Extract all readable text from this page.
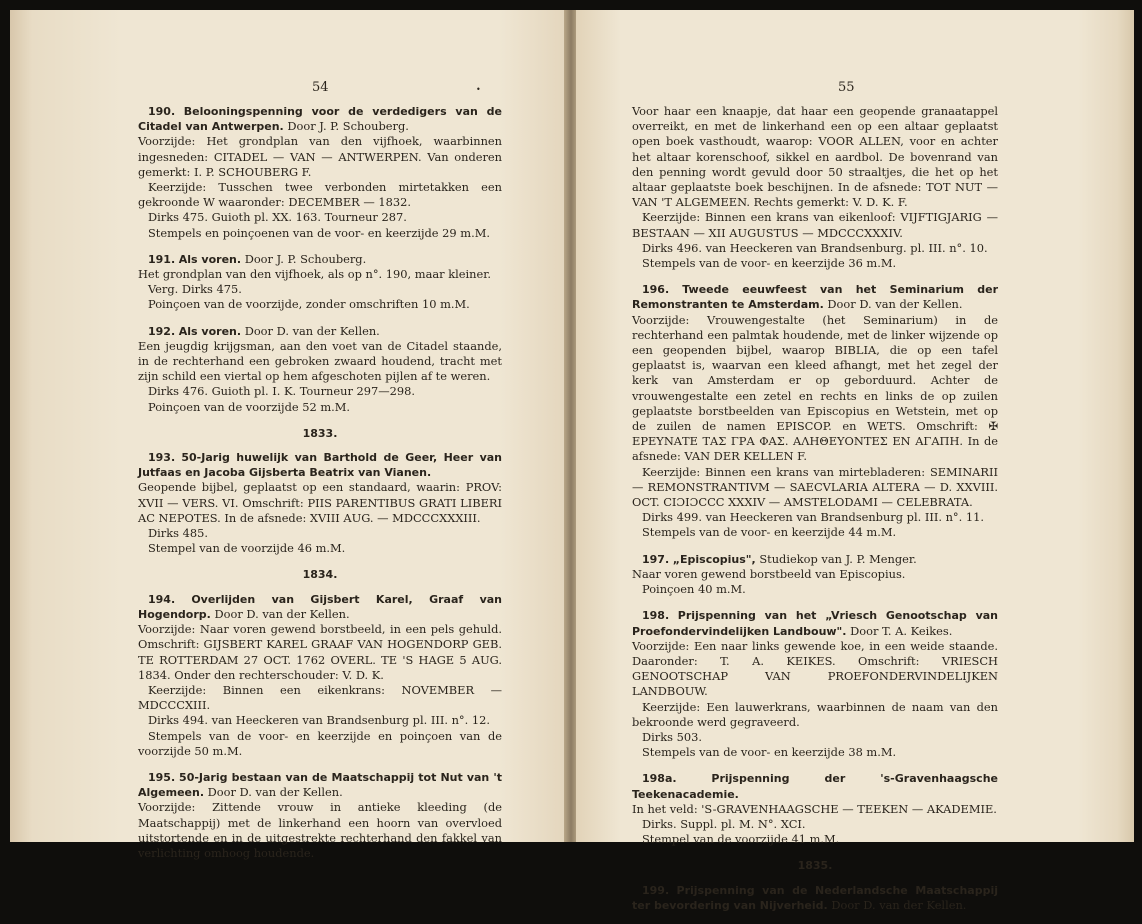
54	•

190. Belooningspenning voor de verdedigers van de Citadel van Antwerpen. Door J. P. Schouberg.
Voorzijde: Het grondplan van den vijfhoek, waarbinnen ingesneden: CITADEL — VAN — ANTWERPEN. Van onderen gemerkt: I. P. SCHOUBERG F.

Keerzijde: Tusschen twee verbonden mirtetakken een gekroonde W waaronder: DECEMBER — 1832.

Dirks 475. Guioth pl. XX. 163. Tourneur 287.

Stempels en poinçoenen van de voor- en keerzijde 29 m.M.

191. Als voren. Door J. P. Schouberg.
Het grondplan van den vijfhoek, als op n°. 190, maar kleiner.

Verg. Dirks 475.

Poinçoen van de voorzijde, zonder omschriften 10 m.M.

192. Als voren. Door D. van der Kellen.
Een jeugdig krijgsman, aan den voet van de Citadel staande, in de rechterhand een gebroken zwaard houdend, tracht met zijn schild een viertal op hem afgeschoten pijlen af te weren.

Dirks 476. Guioth pl. I. K. Tourneur 297—298.

Poinçoen van de voorzijde 52 m.M.

1833.

193. 50-Jarig huwelijk van Barthold de Geer, Heer van Jutfaas en Jacoba Gijsberta Beatrix van Vianen.
Geopende bijbel, geplaatst op een standaard, waarin: PROV: XVII — VERS. VI. Omschrift: PIIS PARENTIBUS GRATI LIBERI AC NEPOTES. In de afsnede: XVIII AUG. — MDCCCXXXIII.

Dirks 485.

Stempel van de voorzijde 46 m.M.

1834.

194. Overlijden van Gijsbert Karel, Graaf van Hogendorp. Door D. van der Kellen.
Voorzijde: Naar voren gewend borstbeeld, in een pels gehuld. Omschrift: GIJSBERT KAREL GRAAF VAN HOGENDORP GEB. TE ROTTERDAM 27 OCT. 1762 OVERL. TE 'S HAGE 5 AUG. 1834. Onder den rechterschouder: V. D. K.

Keerzijde: Binnen een eikenkrans: NOVEMBER — MDCCCXIII.

Dirks 494. van Heeckeren van Brandsenburg pl. III. n°. 12.

Stempels van de voor- en keerzijde en poinçoen van de voorzijde 50 m.M.

195. 50-Jarig bestaan van de Maatschappij tot Nut van 't Algemeen. Door D. van der Kellen.
Voorzijde: Zittende vrouw in antieke kleeding (de Maatschappij) met de linkerhand een hoorn van overvloed uitstortende en in de uitgestrekte rechterhand den fakkel van verlichting omhoog houdende.

55

Voor haar een knaapje, dat haar een geopende granaatappel overreikt, en met de linkerhand een op een altaar geplaatst open boek vasthoudt, waarop: VOOR ALLEN, voor en achter het altaar korenschoof, sikkel en aardbol. De bovenrand van den penning wordt gevuld door 50 straaltjes, die het op het altaar geplaatste boek beschijnen. In de afsnede: TOT NUT — VAN 'T ALGEMEEN. Rechts gemerkt: V. D. K. F.

Keerzijde: Binnen een krans van eikenloof: VIJFTIGJARIG — BESTAAN — XII AUGUSTUS — MDCCCXXXIV.

Dirks 496. van Heeckeren van Brandsenburg. pl. III. n°. 10.

Stempels van de voor- en keerzijde 36 m.M.

196. Tweede eeuwfeest van het Seminarium der Remonstranten te Amsterdam. Door D. van der Kellen.
Voorzijde: Vrouwengestalte (het Seminarium) in de rechterhand een palmtak houdende, met de linker wijzende op een geopenden bijbel, waarop BIBLIA, die op een tafel geplaatst is, waarvan een kleed afhangt, met het zegel der kerk van Amsterdam er op geborduurd. Achter de vrouwengestalte een zetel en rechts en links de op zuilen geplaatste borstbeelden van Episcopius en Wetstein, met op de zuilen de namen EPISCOP. en WETS. Omschrift: ✠ ΕΡΕΥΝΑΤΕ ΤΑΣ ΓΡΑ ΦΑΣ. ΑΛΗΘΕΥΟΝΤΕΣ ΕΝ ΑΓΑΠΗ. In de afsnede: VAN DER KELLEN F.

Keerzijde: Binnen een krans van mirtebladeren: SEMINARII — REMONSTRANTIVM — SAECVLARIA ALTERA — D. XXVIII. OCT. CIƆIƆCCC XXXIV — AMSTELODAMI — CELEBRATA.

Dirks 499. van Heeckeren van Brandsenburg pl. III. n°. 11.

Stempels van de voor- en keerzijde 44 m.M.

197. „Episcopius", Studiekop van J. P. Menger.
Naar voren gewend borstbeeld van Episcopius.

Poinçoen 40 m.M.

198. Prijspenning van het „Vriesch Genootschap van Proefondervindelijken Landbouw". Door T. A. Keikes.
Voorzijde: Een naar links gewende koe, in een weide staande. Daaronder: T. A. KEIKES. Omschrift: VRIESCH GENOOTSCHAP VAN PROEFONDERVINDELIJKEN LANDBOUW.

Keerzijde: Een lauwerkrans, waarbinnen de naam van den bekroonde werd gegraveerd.

Dirks 503.

Stempels van de voor- en keerzijde 38 m.M.

198a.	Prijspenning der 's-Gravenhaagsche Teekenacademie.
In het veld: 'S-GRAVENHAAGSCHE — TEEKEN — AKADEMIE.

Dirks. Suppl. pl. M. N°. XCI.

Stempel van de voorzijde 41 m.M.

1835.

199. Prijspenning van de Nederlandsche Maatschappij ter bevordering van Nijverheid. Door D. van der Kellen.
